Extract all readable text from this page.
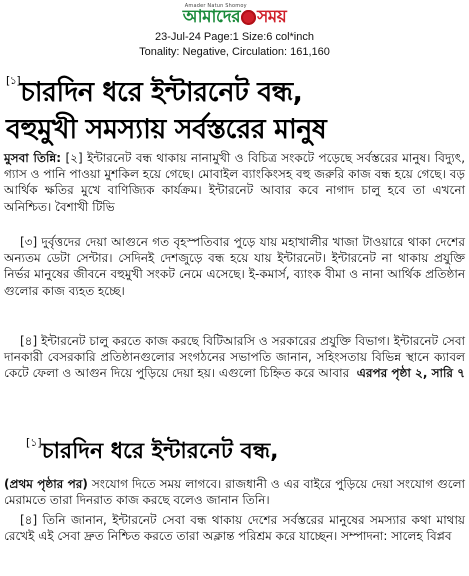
Amader Natun Shomoy
আমাদের সময়
23-Jul-24 Page:1 Size:6 col*inch
Tonality: Negative, Circulation: 161,160
[১]চারদিন ধরে ইন্টারনেট বন্ধ,
বহুমুখী সমস্যায় সর্বস্তরের মানুষ
মুসবা তিন্নি: [২] ইন্টারনেট বন্ধ থাকায় নানামুখী ও বিচিত্র সংকটে পড়েছে সর্বস্তরের মানুষ। বিদ্যুৎ, গ্যাস ও পানি পাওয়া মুশকিল হয়ে গেছে। মোবাইল ব্যাংকিংসহ বহু জরুরি কাজ বন্ধ হয়ে গেছে। বড় আর্থিক ক্ষতির মুখে বাণিজ্যিক কার্যক্রম। ইন্টারনেট আবার কবে নাগাদ চালু হবে তা এখনো অনিশ্চিত। বৈশাখী টিভি
[৩] দুর্বৃত্তদের দেয়া আগুনে গত বৃহস্পতিবার পুড়ে যায় মহাখালীর খাজা টাওয়ারে থাকা দেশের অন্যতম ডেটা সেন্টার। সেদিনই দেশজুড়ে বন্ধ হয়ে যায় ইন্টারনেট। ইন্টারনেট না থাকায় প্রযুক্তি নির্ভর মানুষের জীবনে বহুমুখী সংকট নেমে এসেছে। ই-কমার্স, ব্যাংক বীমা ও নানা আর্থিক প্রতিষ্ঠান গুলোর কাজ ব্যহত হচ্ছে।
[৪] ইন্টারনেট চালু করতে কাজ করছে বিটিআরসি ও সরকারের প্রযুক্তি বিভাগ। ইন্টারনেট সেবা দানকারী বেসরকারি প্রতিষ্ঠানগুলোর সংগঠনের সভাপতি জানান, সহিংসতায় বিভিন্ন স্থানে ক্যাবল কেটে ফেলা ও আগুন দিয়ে পুড়িয়ে দেয়া হয়। এগুলো চিহ্নিত করে আবার এরপর পৃষ্ঠা ২, সারি ৭
[১]চারদিন ধরে ইন্টারনেট বন্ধ,
(প্রথম পৃষ্ঠার পর) সংযোগ দিতে সময় লাগবে। রাজধানী ও এর বাইরে পুড়িয়ে দেয়া সংযোগ গুলো মেরামতে তারা দিনরাত কাজ করছে বলেও জানান তিনি।
[৪] তিনি জানান, ইন্টারনেট সেবা বন্ধ থাকায় দেশের সর্বস্তরের মানুষের সমস্যার কথা মাথায় রেখেই এই সেবা দ্রুত নিশ্চিত করতে তারা অক্লান্ত পরিশ্রম করে যাচ্ছেন। সম্পাদনা: সালেহ বিপ্লব
